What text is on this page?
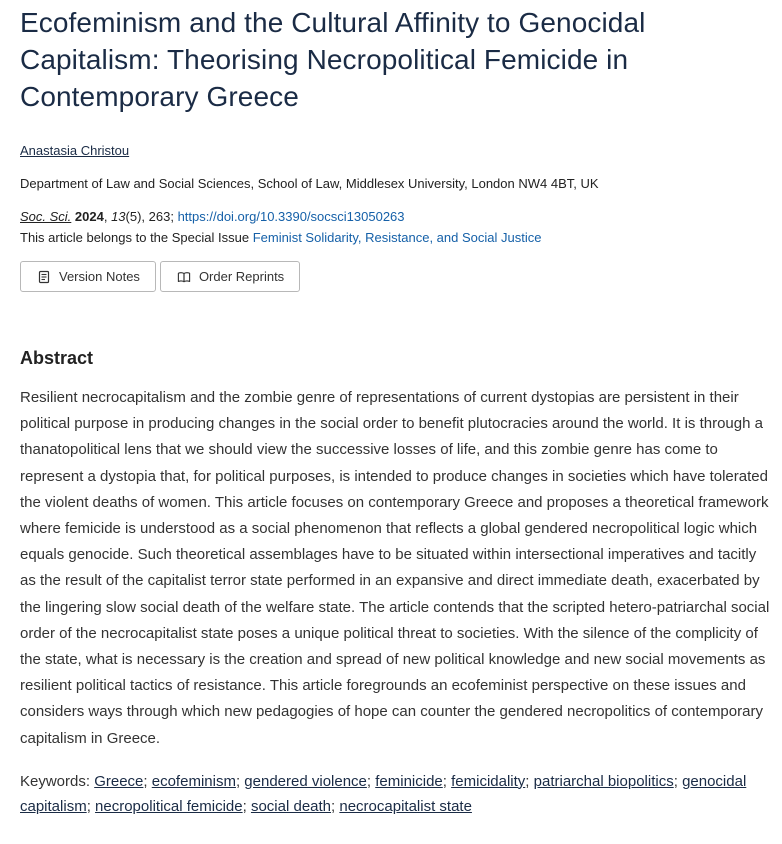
Ecofeminism and the Cultural Affinity to Genocidal Capitalism: Theorising Necropolitical Femicide in Contemporary Greece
Anastasia Christou
Department of Law and Social Sciences, School of Law, Middlesex University, London NW4 4BT, UK
Soc. Sci. 2024, 13(5), 263; https://doi.org/10.3390/socsci13050263
This article belongs to the Special Issue Feminist Solidarity, Resistance, and Social Justice
Version Notes	Order Reprints
Abstract

Resilient necrocapitalism and the zombie genre of representations of current dystopias are persistent in their political purpose in producing changes in the social order to benefit plutocracies around the world. It is through a thanatopolitical lens that we should view the successive losses of life, and this zombie genre has come to represent a dystopia that, for political purposes, is intended to produce changes in societies which have tolerated the violent deaths of women. This article focuses on contemporary Greece and proposes a theoretical framework where femicide is understood as a social phenomenon that reflects a global gendered necropolitical logic which equals genocide. Such theoretical assemblages have to be situated within intersectional imperatives and tacitly as the result of the capitalist terror state performed in an expansive and direct immediate death, exacerbated by the lingering slow social death of the welfare state. The article contends that the scripted hetero-patriarchal social order of the necrocapitalist state poses a unique political threat to societies. With the silence of the complicity of the state, what is necessary is the creation and spread of new political knowledge and new social movements as resilient political tactics of resistance. This article foregrounds an ecofeminist perspective on these issues and considers ways through which new pedagogies of hope can counter the gendered necropolitics of contemporary capitalism in Greece.

Keywords: Greece; ecofeminism; gendered violence; feminicide; femicidality; patriarchal biopolitics; genocidal capitalism; necropolitical femicide; social death; necrocapitalist state
